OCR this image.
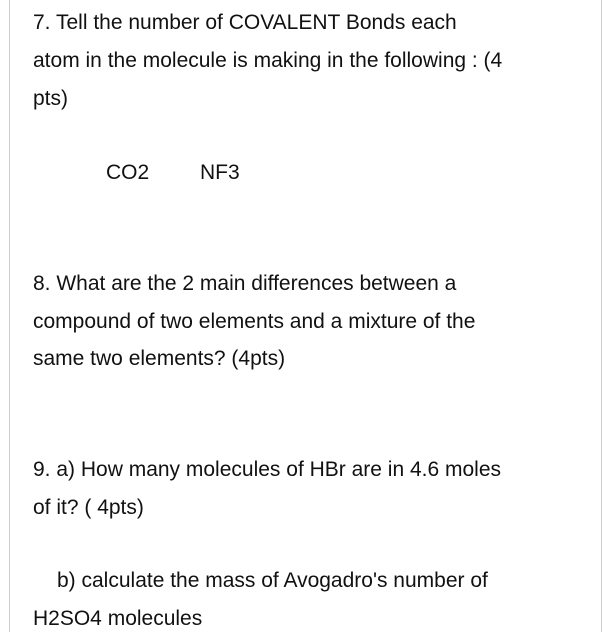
7. Tell the number of COVALENT Bonds each
atom in the molecule is making in the following : (4
pts)
CO2 NF3
8. What are the 2 main differences between a
compound of two elements and a mixture of the
same two elements? (4pts)
9. a) How many molecules of HBr are in 4.6 moles
of it? ( 4pts)
b) calculate the mass of Avogadro's number of
H2SO4 molecules
